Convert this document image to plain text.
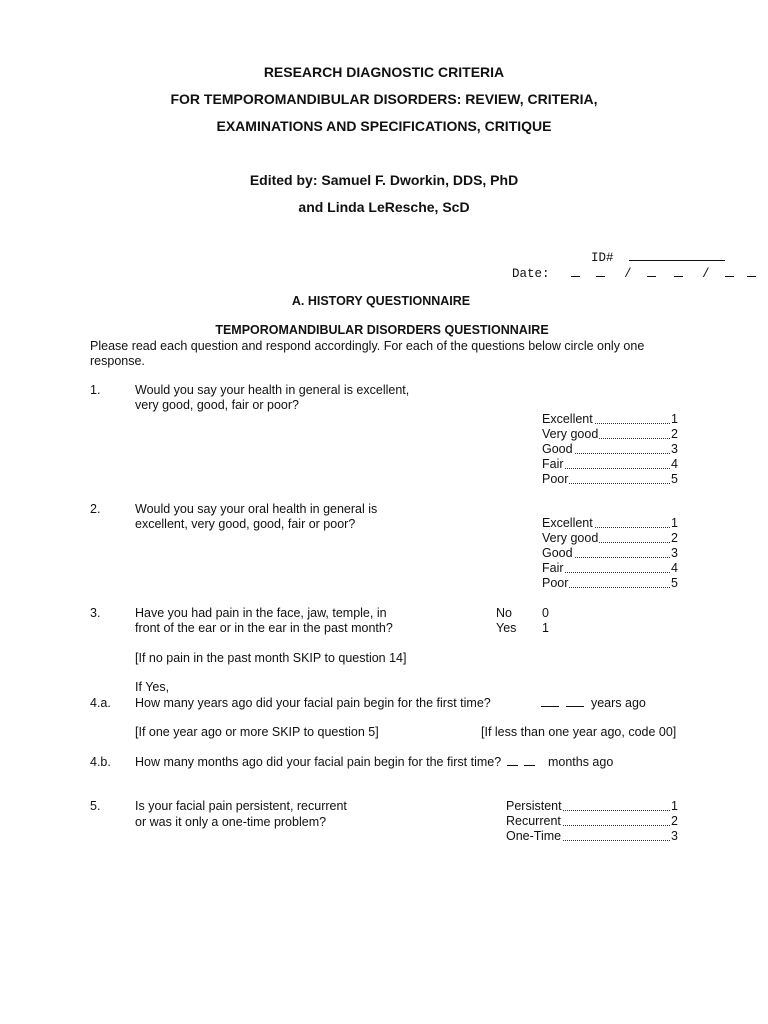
RESEARCH DIAGNOSTIC CRITERIA
FOR TEMPOROMANDIBULAR DISORDERS: REVIEW, CRITERIA,
EXAMINATIONS AND SPECIFICATIONS, CRITIQUE
Edited by: Samuel F. Dworkin, DDS, PhD
and Linda LeResche, ScD
ID#
Date:	/	/
A. HISTORY QUESTIONNAIRE
TEMPOROMANDIBULAR DISORDERS QUESTIONNAIRE
Please read each question and respond accordingly. For each of the questions below circle only one
response.
1.	Would you say your health in general is excellent,
very good, good, fair or poor?
Excellent	1
Very good	2
Good	3
Fair	4
Poor	5
2.	Would you say your oral health in general is
excellent, very good, good, fair or poor?	Excellent	1
Very good	2
Good	3
Fair	4
Poor	5
3.	Have you had pain in the face, jaw, temple, in
front of the ear or in the ear in the past month?
No 0
Yes 1
[If no pain in the past month SKIP to question 14]
If Yes,
4.a. How many years ago did your facial pain begin for the first time?	years ago
[If one year ago or more SKIP to question 5]	[If less than one year ago, code 00]
4.b. How many months ago did your facial pain begin for the first time?	months ago
5.	Is your facial pain persistent, recurrent
or was it only a one-time problem?
Persistent	1
Recurrent	2
One-Time	3
